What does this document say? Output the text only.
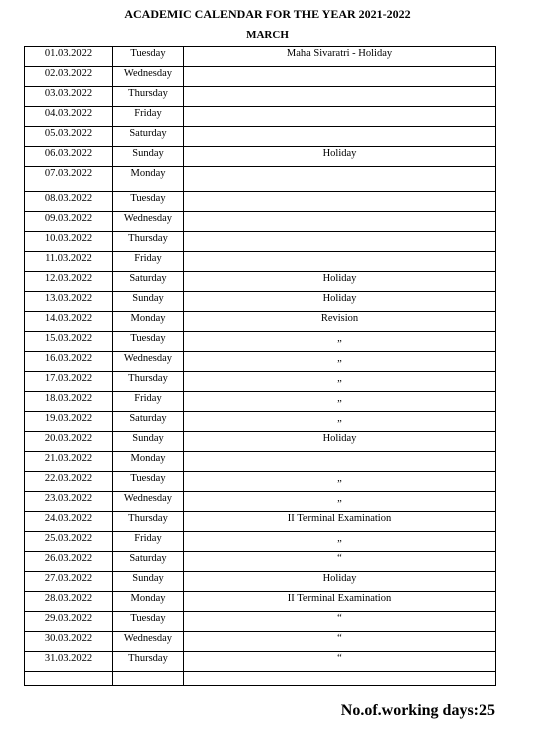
ACADEMIC CALENDAR FOR THE YEAR 2021-2022
MARCH
01.03.2022	Tuesday	Maha Sivaratri - Holiday
02.03.2022	Wednesday	
03.03.2022	Thursday	
04.03.2022	Friday	
05.03.2022	Saturday	
06.03.2022	Sunday	Holiday
07.03.2022	Monday	
08.03.2022	Tuesday	
09.03.2022	Wednesday	
10.03.2022	Thursday	
11.03.2022	Friday	
12.03.2022	Saturday	Holiday
13.03.2022	Sunday	Holiday
14.03.2022	Monday	Revision
15.03.2022	Tuesday	„
16.03.2022	Wednesday	„
17.03.2022	Thursday	„
18.03.2022	Friday	„
19.03.2022	Saturday	„
20.03.2022	Sunday	Holiday
21.03.2022	Monday	
22.03.2022	Tuesday	„
23.03.2022	Wednesday	„
24.03.2022	Thursday	II Terminal Examination
25.03.2022	Friday	„
26.03.2022	Saturday	“
27.03.2022	Sunday	Holiday
28.03.2022	Monday	II Terminal Examination
29.03.2022	Tuesday	“
30.03.2022	Wednesday	“
31.03.2022	Thursday	“

No.of.working days:25
